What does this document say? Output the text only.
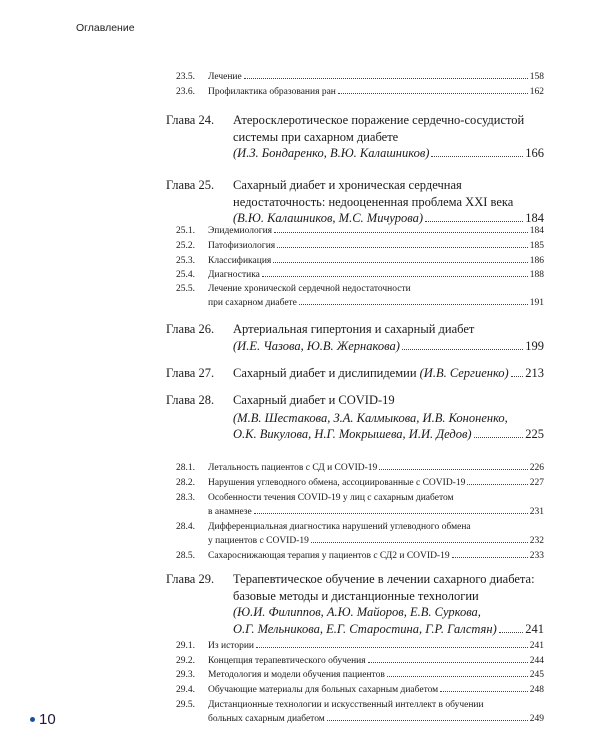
Оглавление
23.5.	Лечение	158
23.6.	Профилактика образования ран	162
Глава 24.	Атеросклеротическое поражение сердечно-сосудистой
системы при сахарном диабете
(И.З. Бондаренко, В.Ю. Калашников)	166
Глава 25.	Сахарный диабет и хроническая сердечная
недостаточность: недооцененная проблема XXI века
(В.Ю. Калашников, М.С. Мичурова)	184
25.1.	Эпидемиология	184
25.2.	Патофизиология	185
25.3.	Классификация	186
25.4.	Диагностика	188
25.5.	Лечение хронической сердечной недостаточности
при сахарном диабете	191
Глава 26.	Артериальная гипертония и сахарный диабет
(И.Е. Чазова, Ю.В. Жернакова)	199
Глава 27.	Сахарный диабет и дислипидемии
(И.В. Сергиенко) 213
Глава 28.	Сахарный диабет и COVID-19
(М.В. Шестакова, З.А. Калмыкова, И.В. Кононенко,
О.К. Викулова, Н.Г. Мокрышева, И.И. Дедов)	225
28.1.	Летальность пациентов с СД и COVID-19	226
28.2.	Нарушения углеводного обмена, ассоциированные с COVID-19	227
28.3.	Особенности течения COVID-19 у лиц с сахарным диабетом
в анамнезе	231
28.4.	Дифференциальная диагностика нарушений углеводного обмена
у пациентов с COVID-19	232
28.5.	Сахароснижающая терапия у пациентов с СД2 и COVID-19	233
Глава 29.	Терапевтическое обучение в лечении сахарного диабета:
базовые методы и дистанционные технологии
(Ю.И. Филиппов, А.Ю. Майоров, Е.В. Суркова,
О.Г. Мельникова, Е.Г. Старостина, Г.Р. Галстян) 241
29.1.	Из истории	241
29.2.	Концепция терапевтического обучения	244
29.3.	Методология и модели обучения пациентов	245
29.4.	Обучающие материалы для больных сахарным диабетом	248
29.5.	Дистанционные технологии и искусственный интеллект в обучении
больных сахарным диабетом	249
10
